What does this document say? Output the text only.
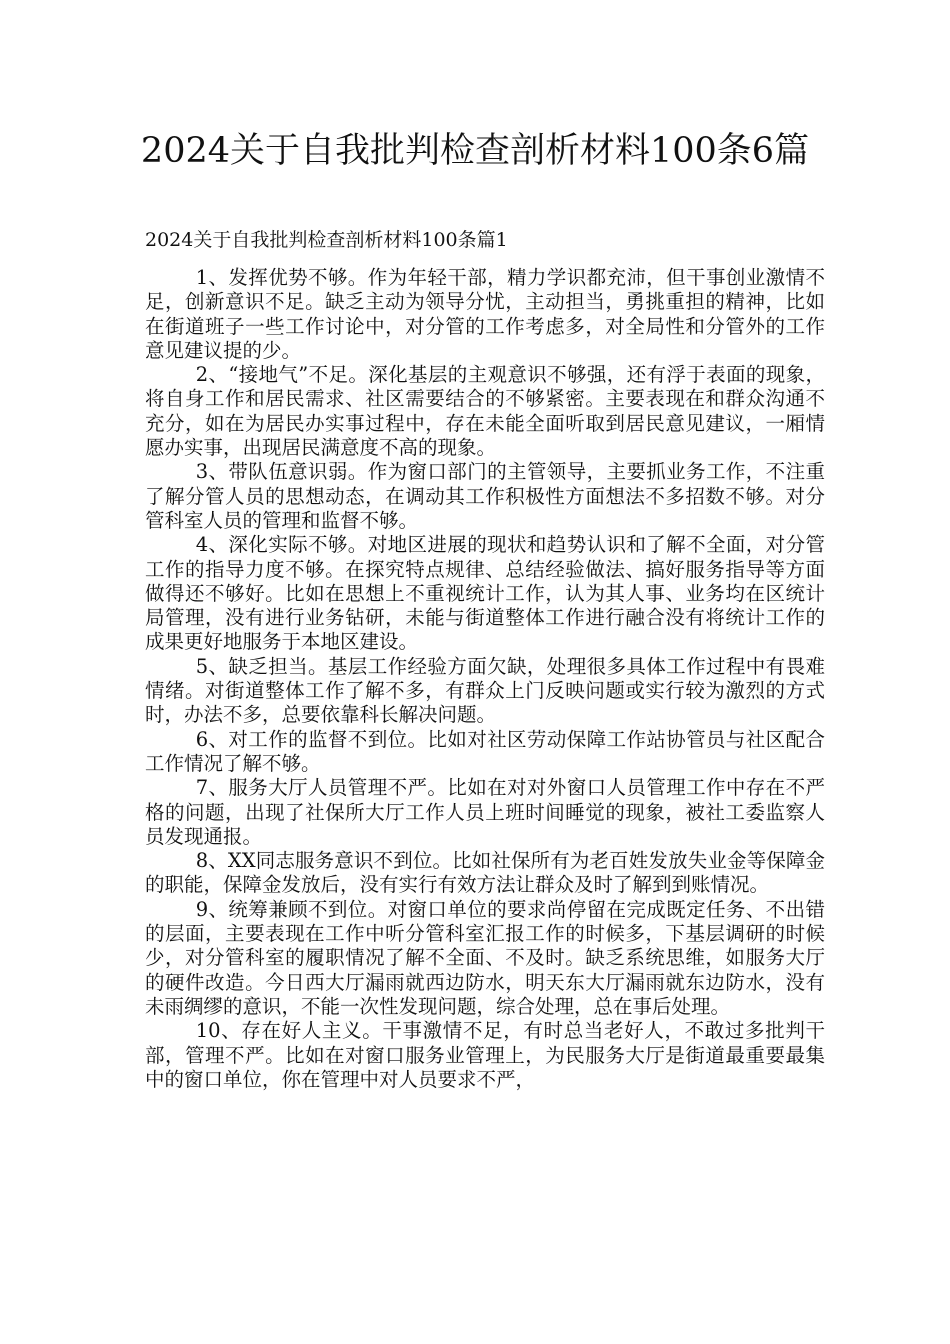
2024关于自我批判检查剖析材料100条6篇

2024关于自我批判检查剖析材料100条篇1

1、发挥优势不够。作为年轻干部，精力学识都充沛，但干事创业激情不足，创新意识不足。缺乏主动为领导分忧，主动担当，勇挑重担的精神，比如在街道班子一些工作讨论中，对分管的工作考虑多，对全局性和分管外的工作意见建议提的少。

2、“接地气”不足。深化基层的主观意识不够强，还有浮于表面的现象，将自身工作和居民需求、社区需要结合的不够紧密。主要表现在和群众沟通不充分，如在为居民办实事过程中，存在未能全面听取到居民意见建议，一厢情愿办实事，出现居民满意度不高的现象。

3、带队伍意识弱。作为窗口部门的主管领导，主要抓业务工作，不注重了解分管人员的思想动态，在调动其工作积极性方面想法不多招数不够。对分管科室人员的管理和监督不够。

4、深化实际不够。对地区进展的现状和趋势认识和了解不全面，对分管工作的指导力度不够。在探究特点规律、总结经验做法、搞好服务指导等方面做得还不够好。比如在思想上不重视统计工作，认为其人事、业务均在区统计局管理，没有进行业务钻研，未能与街道整体工作进行融合没有将统计工作的成果更好地服务于本地区建设。

5、缺乏担当。基层工作经验方面欠缺，处理很多具体工作过程中有畏难情绪。对街道整体工作了解不多，有群众上门反映问题或实行较为激烈的方式时，办法不多，总要依靠科长解决问题。

6、对工作的监督不到位。比如对社区劳动保障工作站协管员与社区配合工作情况了解不够。

7、服务大厅人员管理不严。比如在对对外窗口人员管理工作中存在不严格的问题，出现了社保所大厅工作人员上班时间睡觉的现象，被社工委监察人员发现通报。

8、XX同志服务意识不到位。比如社保所有为老百姓发放失业金等保障金的职能，保障金发放后，没有实行有效方法让群众及时了解到到账情况。

9、统筹兼顾不到位。对窗口单位的要求尚停留在完成既定任务、不出错的层面，主要表现在工作中听分管科室汇报工作的时候多，下基层调研的时候少，对分管科室的履职情况了解不全面、不及时。缺乏系统思维，如服务大厅的硬件改造。今日西大厅漏雨就西边防水，明天东大厅漏雨就东边防水，没有未雨绸缪的意识，不能一次性发现问题，综合处理，总在事后处理。

10、存在好人主义。干事激情不足，有时总当老好人，不敢过多批判干部，管理不严。比如在对窗口服务业管理上，为民服务大厅是街道最重要最集中的窗口单位，你在管理中对人员要求不严，
